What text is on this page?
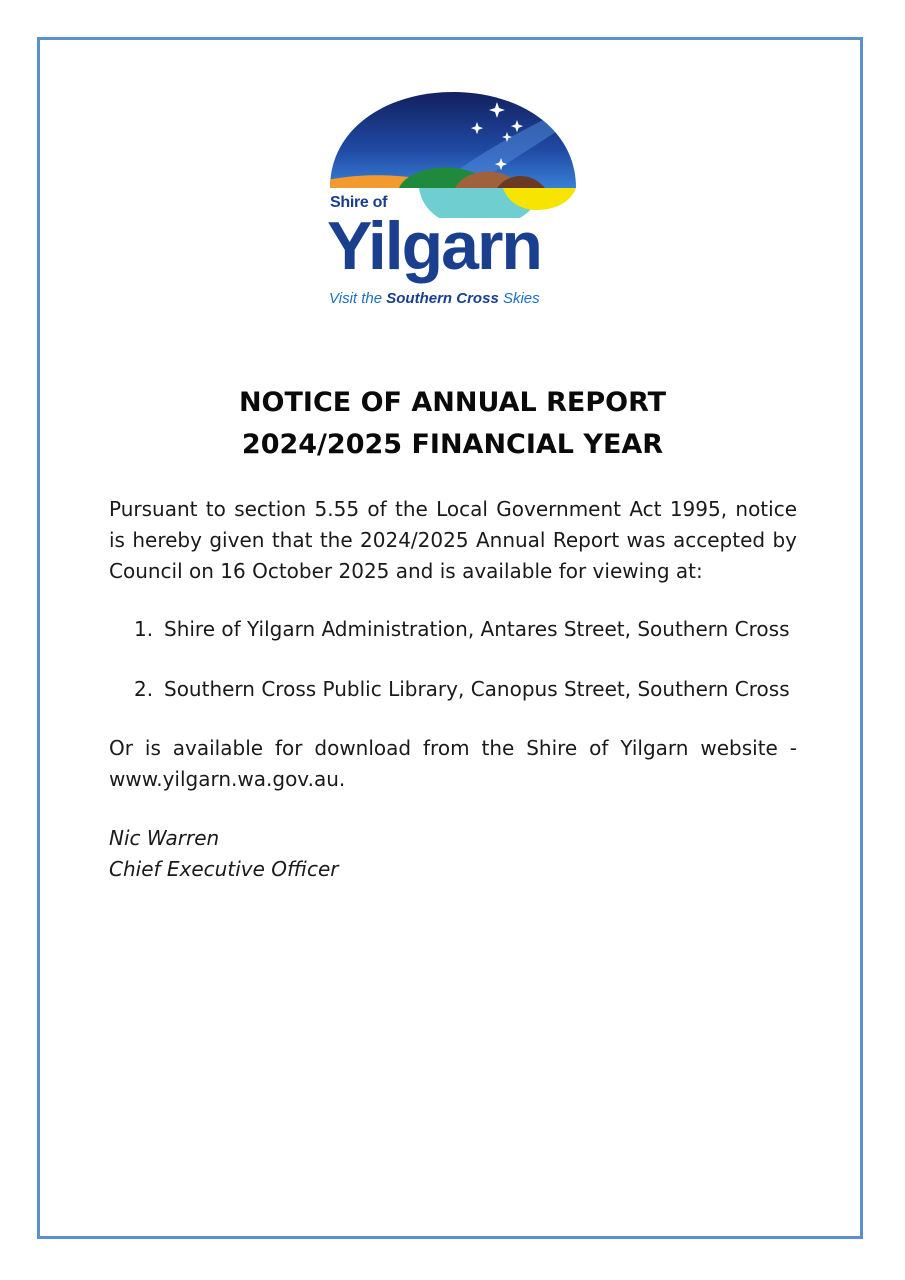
Shire of
Yilgarn
Visit the Southern Cross Skies
NOTICE OF ANNUAL REPORT
2024/2025 FINANCIAL YEAR
Pursuant to section 5.55 of the Local Government Act 1995, notice is hereby given that the 2024/2025 Annual Report was accepted by Council on 16 October 2025 and is available for viewing at:
1. Shire of Yilgarn Administration, Antares Street, Southern Cross
2. Southern Cross Public Library, Canopus Street, Southern Cross
Or is available for download from the Shire of Yilgarn website - www.yilgarn.wa.gov.au.
Nic Warren
Chief Executive Officer
